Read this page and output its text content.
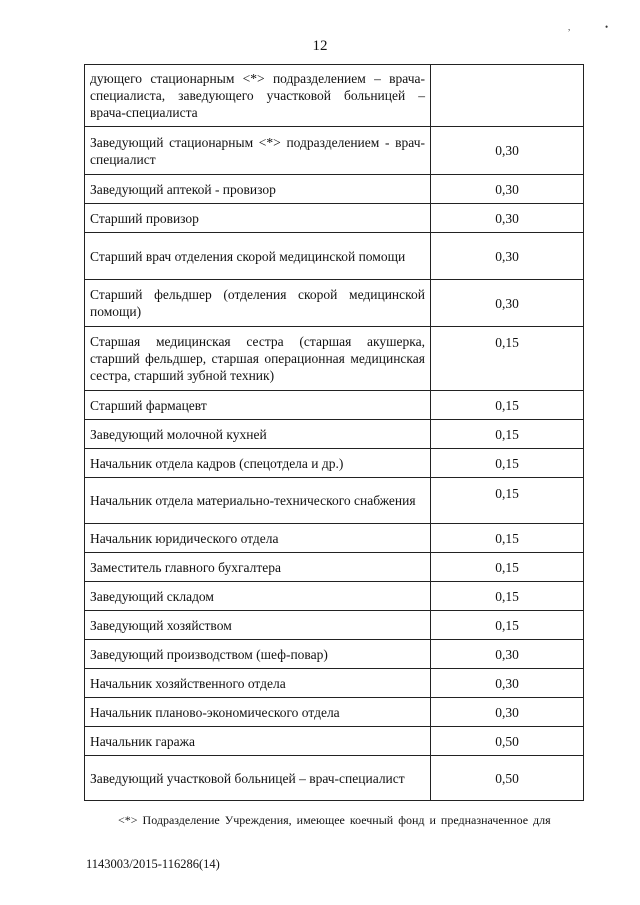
12
,	•
дующего стационарным <*> подразделением – врача-специалиста, заведующего участковой больницей – врача-специалиста	
Заведующий стационарным <*> подразделением - врач-специалист	0,30
Заведующий аптекой - провизор	0,30
Старший провизор	0,30
Старший врач отделения скорой медицинской помощи	0,30
Старший фельдшер (отделения скорой медицинской помощи)	0,30
Старшая медицинская сестра (старшая акушерка, старший фельдшер, старшая операционная медицинская сестра, старший зубной техник)	0,15
Старший фармацевт	0,15
Заведующий молочной кухней	0,15
Начальник отдела кадров (спецотдела и др.)	0,15
Начальник отдела материально-технического снабжения	0,15
Начальник юридического отдела	0,15
Заместитель главного бухгалтера	0,15
Заведующий складом	0,15
Заведующий хозяйством	0,15
Заведующий производством (шеф-повар)	0,30
Начальник хозяйственного отдела	0,30
Начальник планово-экономического отдела	0,30
Начальник гаража	0,50
Заведующий участковой больницей – врач-специалист	0,50
<*> Подразделение Учреждения, имеющее коечный фонд и предназначенное для
1143003/2015-116286(14)
